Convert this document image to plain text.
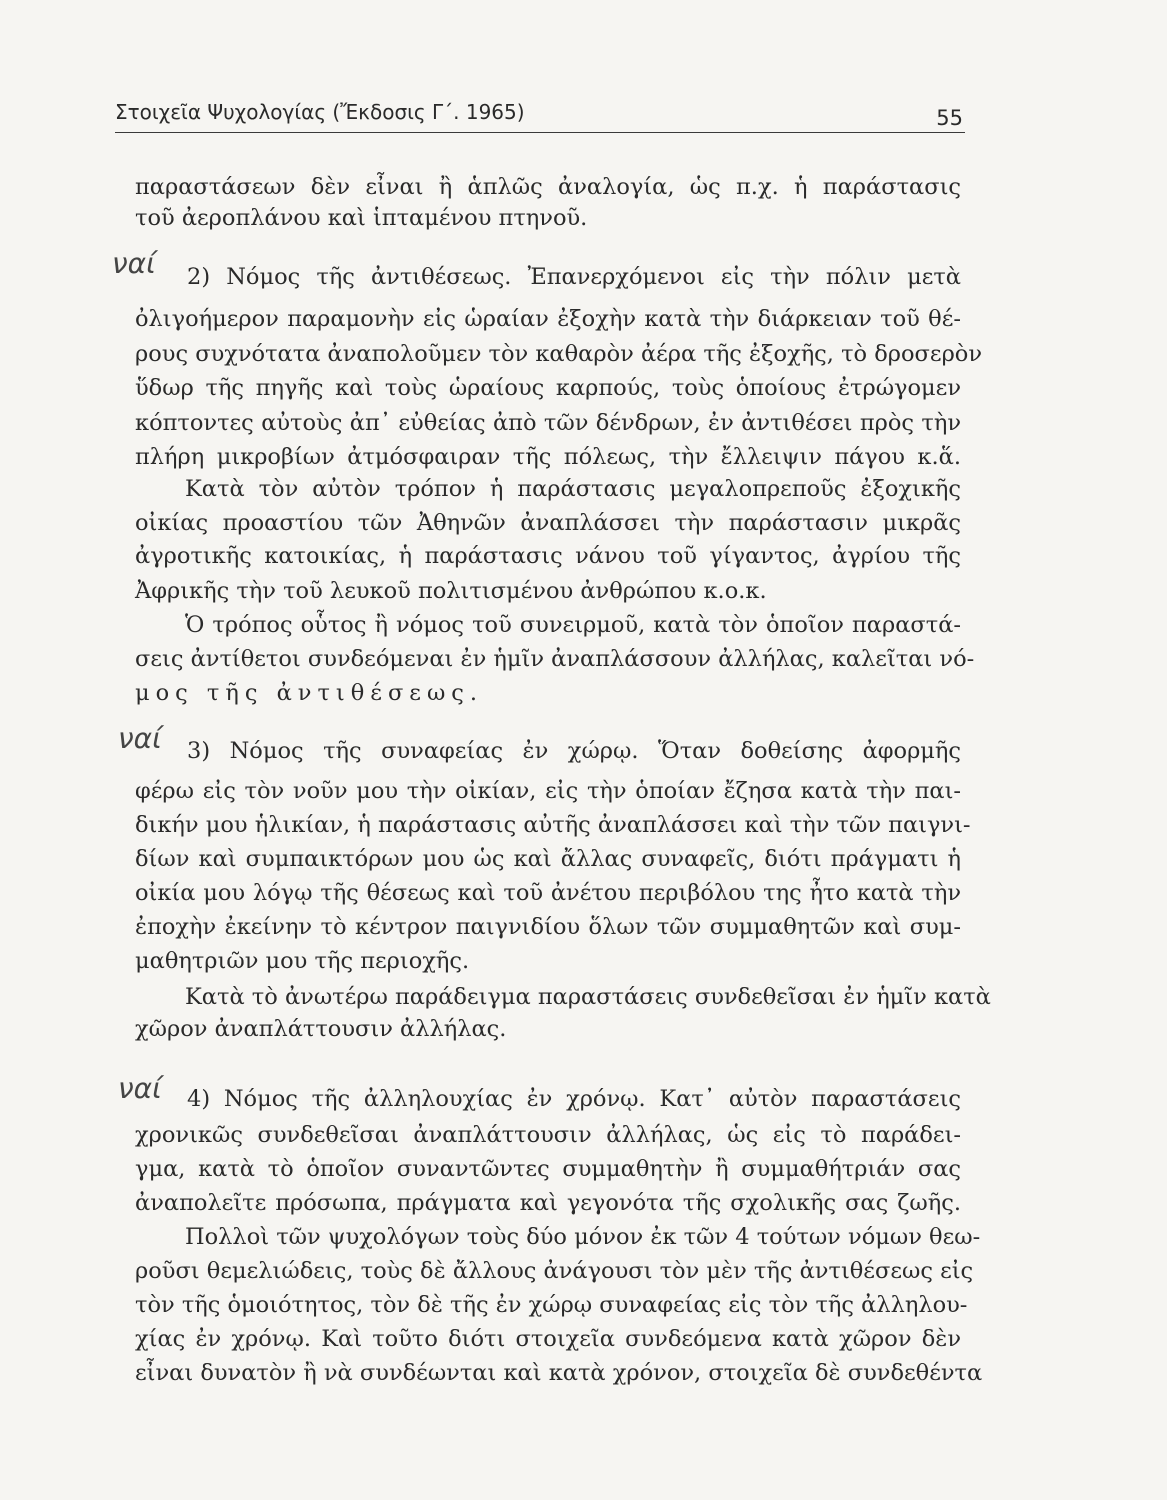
Στοιχεῖα Ψυχολογίας (Ἔκδοσις Γ΄. 1965)	55
ναί
ναί
ναί
παραστάσεων δὲν εἶναι ἢ ἁπλῶς ἀναλογία, ὡς π.χ. ἡ παράστασις
τοῦ ἀεροπλάνου καὶ ἱπταμένου πτηνοῦ.
2) Νόμος τῆς ἀντιθέσεως. Ἐπανερχόμενοι εἰς τὴν πόλιν μετὰ
ὀλιγοήμερον παραμονὴν εἰς ὡραίαν ἐξοχὴν κατὰ τὴν διάρκειαν τοῦ θέ-
ρους συχνότατα ἀναπολοῦμεν τὸν καθαρὸν ἀέρα τῆς ἐξοχῆς, τὸ δροσερὸν
ὕδωρ τῆς πηγῆς καὶ τοὺς ὡραίους καρπούς, τοὺς ὁποίους ἐτρώγομεν
κόπτοντες αὐτοὺς ἀπ᾽ εὐθείας ἀπὸ τῶν δένδρων, ἐν ἀντιθέσει πρὸς τὴν
πλήρη μικροβίων ἀτμόσφαιραν τῆς πόλεως, τὴν ἔλλειψιν πάγου κ.ἅ.
Κατὰ τὸν αὐτὸν τρόπον ἡ παράστασις μεγαλοπρεποῦς ἐξοχικῆς
οἰκίας προαστίου τῶν Ἀθηνῶν ἀναπλάσσει τὴν παράστασιν μικρᾶς
ἀγροτικῆς κατοικίας, ἡ παράστασις νάνου τοῦ γίγαντος, ἀγρίου τῆς
Ἀφρικῆς τὴν τοῦ λευκοῦ πολιτισμένου ἀνθρώπου κ.ο.κ.
Ὁ τρόπος οὗτος ἢ νόμος τοῦ συνειρμοῦ, κατὰ τὸν ὁποῖον παραστά-
σεις ἀντίθετοι συνδεόμεναι ἐν ἡμῖν ἀναπλάσσουν ἀλλήλας, καλεῖται νό-
μος τῆς ἀντιθέσεως.
3) Νόμος τῆς συναφείας ἐν χώρῳ. Ὅταν δοθείσης ἀφορμῆς
φέρω εἰς τὸν νοῦν μου τὴν οἰκίαν, εἰς τὴν ὁποίαν ἔζησα κατὰ τὴν παι-
δικήν μου ἡλικίαν, ἡ παράστασις αὐτῆς ἀναπλάσσει καὶ τὴν τῶν παιγνι-
δίων καὶ συμπαικτόρων μου ὡς καὶ ἄλλας συναφεῖς, διότι πράγματι ἡ
οἰκία μου λόγῳ τῆς θέσεως καὶ τοῦ ἀνέτου περιβόλου της ἦτο κατὰ τὴν
ἐποχὴν ἐκείνην τὸ κέντρον παιγνιδίου ὅλων τῶν συμμαθητῶν καὶ συμ-
μαθητριῶν μου τῆς περιοχῆς.
Κατὰ τὸ ἀνωτέρω παράδειγμα παραστάσεις συνδεθεῖσαι ἐν ἡμῖν κατὰ
χῶρον ἀναπλάττουσιν ἀλλήλας.
4) Νόμος τῆς ἀλληλουχίας ἐν χρόνῳ. Κατ᾽ αὐτὸν παραστάσεις
χρονικῶς συνδεθεῖσαι ἀναπλάττουσιν ἀλλήλας, ὡς εἰς τὸ παράδει-
γμα, κατὰ τὸ ὁποῖον συναντῶντες συμμαθητὴν ἢ συμμαθήτριάν σας
ἀναπολεῖτε πρόσωπα, πράγματα καὶ γεγονότα τῆς σχολικῆς σας ζωῆς.
Πολλοὶ τῶν ψυχολόγων τοὺς δύο μόνον ἐκ τῶν 4 τούτων νόμων θεω-
ροῦσι θεμελιώδεις, τοὺς δὲ ἄλλους ἀνάγουσι τὸν μὲν τῆς ἀντιθέσεως εἰς
τὸν τῆς ὁμοιότητος, τὸν δὲ τῆς ἐν χώρῳ συναφείας εἰς τὸν τῆς ἀλληλου-
χίας ἐν χρόνῳ. Καὶ τοῦτο διότι στοιχεῖα συνδεόμενα κατὰ χῶρον δὲν
εἶναι δυνατὸν ἢ νὰ συνδέωνται καὶ κατὰ χρόνον, στοιχεῖα δὲ συνδεθέντα
